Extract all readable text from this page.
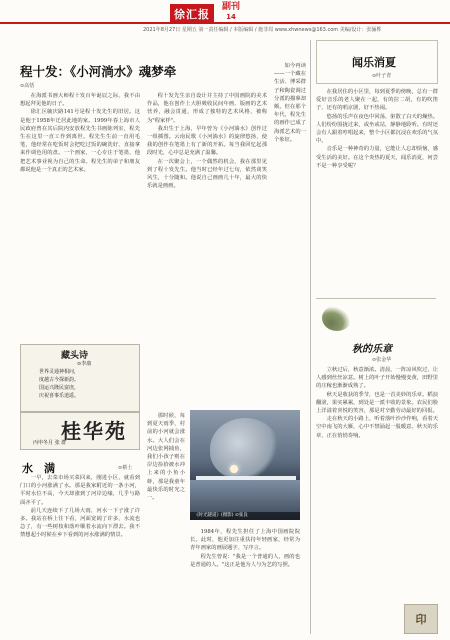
徐汇报
副刊
14
2021年8月27日 星期五 第一责任编辑 / 本版编辑 / 施非周 www.xhwnews@163.com 美编/设计：张骊桦
程十发：《小河淌水》魂梦牵
⊙高恬

在海派书画大师程十发百年诞辰之际，我不由想起拜见他的日子。

徐汇区毓庆路141号是程十发先生的旧居。这是他于1958年迁居此地的家。1999年春上海市人民政府曾在其后院内安放程先生书画陈列室，程先生在这里一直工作到离世。程先生生前一直用毛笔，他经常在吃饭时会把吃过饭的碗洗好，直接拿来作调色用的盘。一个画家，一心专注于笔墨，他把艺术事业视为自己的生命。程先生的弟子和朋友都说他是一个真正的艺术家。

程十发先生亲自设计并主持了中国画院的美术作品，他在创作上大胆吸收民间年画、版画的艺术营养，融会贯通，形成了独特的艺术风格，被称为"程家样"。

我出生于上海，早年曾为《小河淌水》创作过一组插图。云南民歌《小河淌水》的旋律悠扬，使我的创作在笔墨上有了新的开拓。每当我回忆起那段时光，心中总是充满了温馨。

在一次聚会上，一个偶然的机会，我在那里见到了程十发先生。他当时已经年过七旬，依然谈笑风生，十分随和。他说自己画画几十年，最大的快乐就是画画。

藏头诗
⊙李康
世界灵通神相问，
度越古今探新韵。
国运兴隆民富庶，
庆祝喜事乐逍遥。
桂华苑
丙申冬月 张 群
水　满	⊙蔡土

一早，去菜市场买菜回来，刚进小区，就看到门口的小河涨满了水。那是我家附近的一条小河，平时水位不高，今天却涨到了河岸边缘，几乎与路面齐平了。

前几天连续下了几场大雨，河水一下子涨了许多。我站在桥上往下看，河面宽阔了许多，水流也急了，有一些树枝和落叶顺着水流向下漂去。我不禁想起小时候在乡下看到的河水涨满的情景。

那时候，每到夏天雨季，村前的小河就会涨水。大人们会在河边张网捕鱼，我们小孩子则在岸边捡拾被水冲上来的小鱼小虾，那是我童年最快乐的时光之一。

如今再读——一个藏在生活、博采群子和陶瓷调过分派的描摹却颇。但在那个年代，程先生的画作已成了海派艺术的一个象征。

1984年，程先生担任了上海中国画院院长。此时，他更加注重扶持年轻画家，经常为青年画家的画展题字、写序言。

程先生曾说："我是一个普通的人，画的也是普通的人。"这正是他为人与为艺的写照。

《时光隧道》(摄影) ⊙张良
闻乐消夏
⊙叶子青

在我居住的小区里，每到夏季的傍晚，总有一群爱好音乐的老人聚在一起，有的拉二胡，有的吹笛子，还有的唱京剧，好不热闹。

悠扬的乐声在夜色中回荡，驱散了白天的燥热。人们纷纷围拢过来，或坐或站，静静地聆听。有时还会有人跟着哼唱起来，整个小区都沉浸在欢乐的气氛中。

音乐是一种神奇的力量，它能让人忘却烦恼，感受生活的美好。在这个炎热的夏天，闻乐消夏，何尝不是一种享受呢？

秋的乐章
⊙张金华

立秋过后，秋意渐浓。清晨，一阵凉风吹过，让人感到丝丝凉意。树上的叶子开始慢慢变黄，田野里的庄稼也渐渐成熟了。

秋天是收获的季节，也是一首美妙的乐章。稻浪翻滚，果实累累，到处是一派丰收的景象。农民们脸上洋溢着喜悦的笑容，那是对辛勤劳动最好的回报。

走在秋天的小路上，听着落叶沙沙作响，看着天空中南飞的大雁，心中不禁涌起一股暖意。秋天的乐章，正在悄悄奏响。

印
